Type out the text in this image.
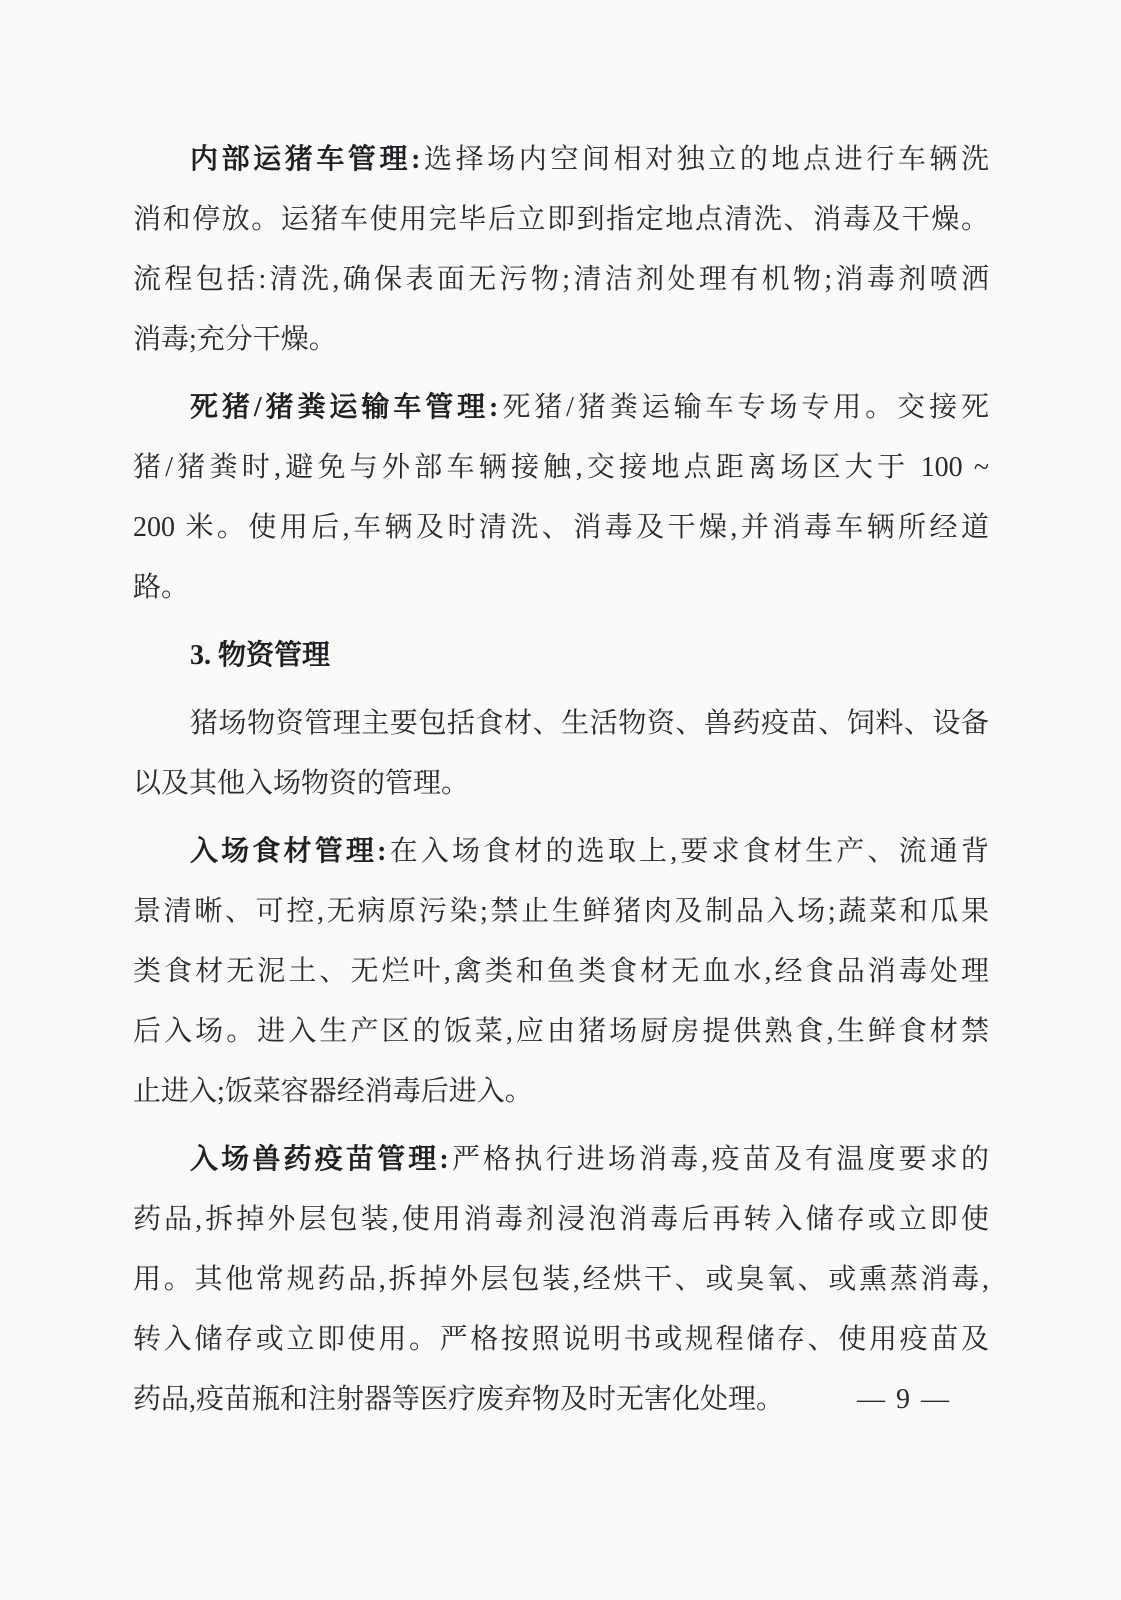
内部运猪车管理:选择场内空间相对独立的地点进行车辆洗

消和停放。运猪车使用完毕后立即到指定地点清洗、消毒及干燥。

流程包括:清洗,确保表面无污物;清洁剂处理有机物;消毒剂喷洒

消毒;充分干燥。

死猪/猪粪运输车管理:死猪/猪粪运输车专场专用。交接死

猪/猪粪时,避免与外部车辆接触,交接地点距离场区大于 100 ~

200 米。使用后,车辆及时清洗、消毒及干燥,并消毒车辆所经道

路。

3. 物资管理

猪场物资管理主要包括食材、生活物资、兽药疫苗、饲料、设备

以及其他入场物资的管理。

入场食材管理:在入场食材的选取上,要求食材生产、流通背

景清晰、可控,无病原污染;禁止生鲜猪肉及制品入场;蔬菜和瓜果

类食材无泥土、无烂叶,禽类和鱼类食材无血水,经食品消毒处理

后入场。进入生产区的饭菜,应由猪场厨房提供熟食,生鲜食材禁

止进入;饭菜容器经消毒后进入。

入场兽药疫苗管理:严格执行进场消毒,疫苗及有温度要求的

药品,拆掉外层包装,使用消毒剂浸泡消毒后再转入储存或立即使

用。其他常规药品,拆掉外层包装,经烘干、或臭氧、或熏蒸消毒,

转入储存或立即使用。严格按照说明书或规程储存、使用疫苗及

药品,疫苗瓶和注射器等医疗废弃物及时无害化处理。	— 9 —
